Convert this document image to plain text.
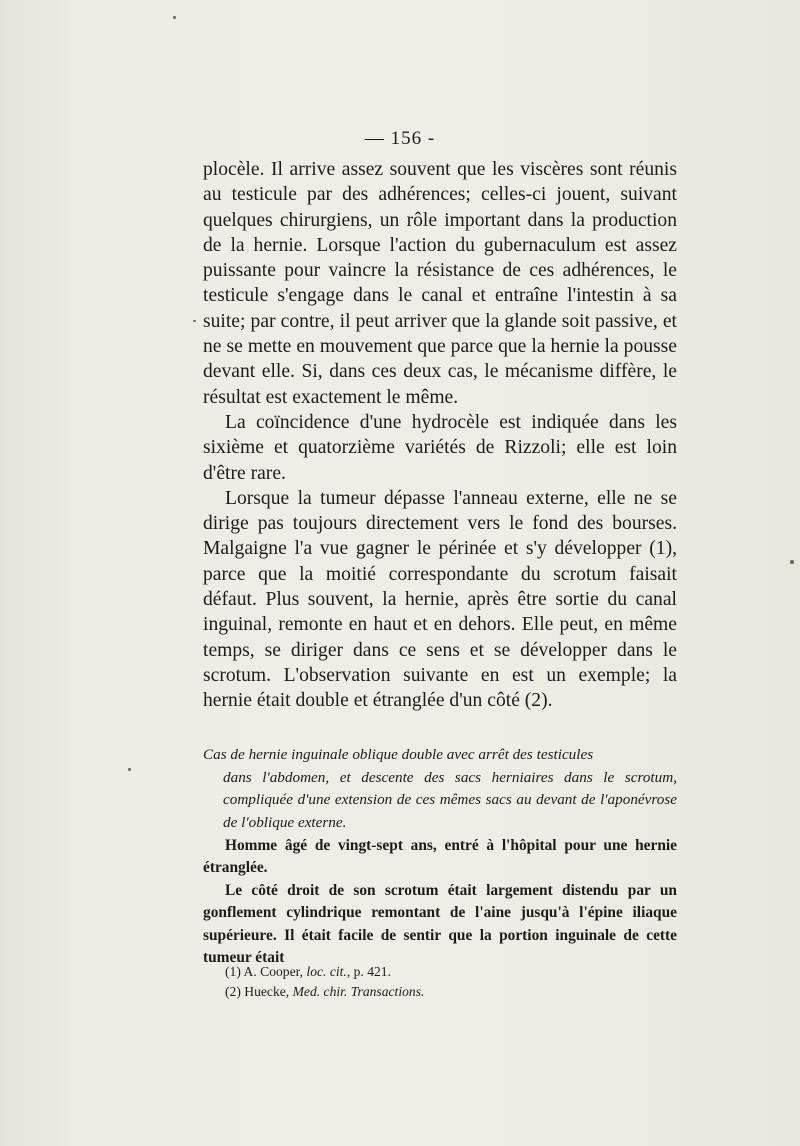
— 156 -

plocèle. Il arrive assez souvent que les viscères sont réunis au testicule par des adhérences; celles-ci jouent, suivant quelques chirurgiens, un rôle important dans la production de la hernie. Lorsque l'action du gubernaculum est assez puissante pour vaincre la résistance de ces adhérences, le testicule s'engage dans le canal et entraîne l'intestin à sa suite; par contre, il peut arriver que la glande soit passive, et ne se mette en mouvement que parce que la hernie la pousse devant elle. Si, dans ces deux cas, le mécanisme diffère, le résultat est exactement le même.

La coïncidence d'une hydrocèle est indiquée dans les sixième et quatorzième variétés de Rizzoli; elle est loin d'être rare.

Lorsque la tumeur dépasse l'anneau externe, elle ne se dirige pas toujours directement vers le fond des bourses. Malgaigne l'a vue gagner le périnée et s'y développer (1), parce que la moitié correspondante du scrotum faisait défaut. Plus souvent, la hernie, après être sortie du canal inguinal, remonte en haut et en dehors. Elle peut, en même temps, se diriger dans ce sens et se développer dans le scrotum. L'observation suivante en est un exemple; la hernie était double et étranglée d'un côté (2).

Cas de hernie inguinale oblique double avec arrêt des testicules
dans l'abdomen, et descente des sacs herniaires dans le scrotum, compliquée d'une extension de ces mêmes sacs au devant de l'aponévrose de l'oblique externe.

Homme âgé de vingt-sept ans, entré à l'hôpital pour une hernie étranglée.

Le côté droit de son scrotum était largement distendu par un gonflement cylindrique remontant de l'aine jusqu'à l'épine iliaque supérieure. Il était facile de sentir que la portion inguinale de cette tumeur était

(1) A. Cooper, loc. cit., p. 421.
(2) Huecke, Med. chir. Transactions.
